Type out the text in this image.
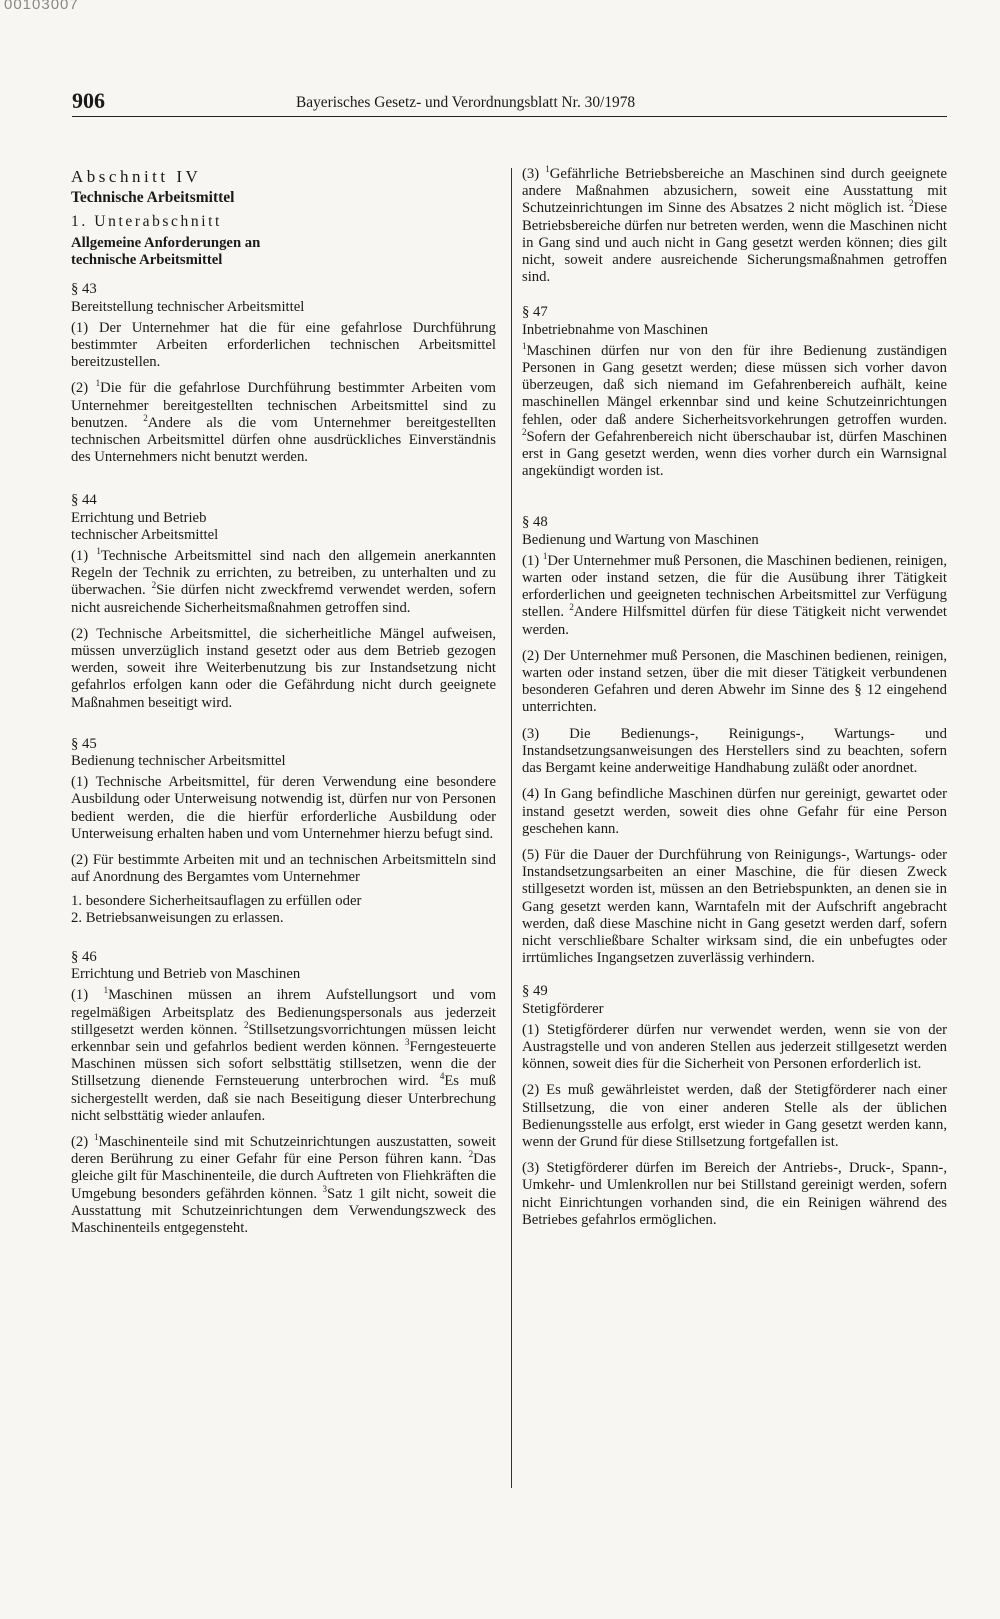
00103007
906	Bayerisches Gesetz- und Verordnungsblatt Nr. 30/1978

Abschnitt IV

Technische Arbeitsmittel

1. Unterabschnitt

Allgemeine Anforderungen an

technische Arbeitsmittel

§ 43

Bereitstellung technischer Arbeitsmittel

(1) Der Unternehmer hat die für eine gefahrlose Durchführung bestimmter Arbeiten erforderlichen technischen Arbeitsmittel bereitzustellen.

(2) $^1$Die für die gefahrlose Durchführung bestimmter Arbeiten vom Unternehmer bereitgestellten technischen Arbeitsmittel sind zu benutzen. $^2$Andere als die vom Unternehmer bereitgestellten technischen Arbeitsmittel dürfen ohne ausdrückliches Einverständnis des Unternehmers nicht benutzt werden.

§ 44

Errichtung und Betrieb

technischer Arbeitsmittel

(1) $^1$Technische Arbeitsmittel sind nach den allgemein anerkannten Regeln der Technik zu errichten, zu betreiben, zu unterhalten und zu überwachen. $^2$Sie dürfen nicht zweckfremd verwendet werden, sofern nicht ausreichende Sicherheitsmaßnahmen getroffen sind.

(2) Technische Arbeitsmittel, die sicherheitliche Mängel aufweisen, müssen unverzüglich instand gesetzt oder aus dem Betrieb gezogen werden, soweit ihre Weiterbenutzung bis zur Instandsetzung nicht gefahrlos erfolgen kann oder die Gefährdung nicht durch geeignete Maßnahmen beseitigt wird.

§ 45

Bedienung technischer Arbeitsmittel

(1) Technische Arbeitsmittel, für deren Verwendung eine besondere Ausbildung oder Unterweisung notwendig ist, dürfen nur von Personen bedient werden, die die hierfür erforderliche Ausbildung oder Unterweisung erhalten haben und vom Unternehmer hierzu befugt sind.

(2) Für bestimmte Arbeiten mit und an technischen Arbeitsmitteln sind auf Anordnung des Bergamtes vom Unternehmer

1. besondere Sicherheitsauflagen zu erfüllen oder

2. Betriebsanweisungen zu erlassen.

§ 46

Errichtung und Betrieb von Maschinen

(1) $^1$Maschinen müssen an ihrem Aufstellungsort und vom regelmäßigen Arbeitsplatz des Bedienungspersonals aus jederzeit stillgesetzt werden können. $^2$Stillsetzungsvorrichtungen müssen leicht erkennbar sein und gefahrlos bedient werden können. $^3$Ferngesteuerte Maschinen müssen sich sofort selbsttätig stillsetzen, wenn die der Stillsetzung dienende Fernsteuerung unterbrochen wird. $^4$Es muß sichergestellt werden, daß sie nach Beseitigung dieser Unterbrechung nicht selbsttätig wieder anlaufen.

(2) $^1$Maschinenteile sind mit Schutzeinrichtungen auszustatten, soweit deren Berührung zu einer Gefahr für eine Person führen kann. $^2$Das gleiche gilt für Maschinenteile, die durch Auftreten von Fliehkräften die Umgebung besonders gefährden können. $^3$Satz 1 gilt nicht, soweit die Ausstattung mit Schutzeinrichtungen dem Verwendungszweck des Maschinenteils entgegensteht.

(3) $^1$Gefährliche Betriebsbereiche an Maschinen sind durch geeignete andere Maßnahmen abzusichern, soweit eine Ausstattung mit Schutzeinrichtungen im Sinne des Absatzes 2 nicht möglich ist. $^2$Diese Betriebsbereiche dürfen nur betreten werden, wenn die Maschinen nicht in Gang sind und auch nicht in Gang gesetzt werden können; dies gilt nicht, soweit andere ausreichende Sicherungsmaßnahmen getroffen sind.

§ 47

Inbetriebnahme von Maschinen

$^1$Maschinen dürfen nur von den für ihre Bedienung zuständigen Personen in Gang gesetzt werden; diese müssen sich vorher davon überzeugen, daß sich niemand im Gefahrenbereich aufhält, keine maschinellen Mängel erkennbar sind und keine Schutzeinrichtungen fehlen, oder daß andere Sicherheitsvorkehrungen getroffen wurden. $^2$Sofern der Gefahrenbereich nicht überschaubar ist, dürfen Maschinen erst in Gang gesetzt werden, wenn dies vorher durch ein Warnsignal angekündigt worden ist.

§ 48

Bedienung und Wartung von Maschinen

(1) $^1$Der Unternehmer muß Personen, die Maschinen bedienen, reinigen, warten oder instand setzen, die für die Ausübung ihrer Tätigkeit erforderlichen und geeigneten technischen Arbeitsmittel zur Verfügung stellen. $^2$Andere Hilfsmittel dürfen für diese Tätigkeit nicht verwendet werden.

(2) Der Unternehmer muß Personen, die Maschinen bedienen, reinigen, warten oder instand setzen, über die mit dieser Tätigkeit verbundenen besonderen Gefahren und deren Abwehr im Sinne des § 12 eingehend unterrichten.

(3) Die Bedienungs-, Reinigungs-, Wartungs- und Instandsetzungsanweisungen des Herstellers sind zu beachten, sofern das Bergamt keine anderweitige Handhabung zuläßt oder anordnet.

(4) In Gang befindliche Maschinen dürfen nur gereinigt, gewartet oder instand gesetzt werden, soweit dies ohne Gefahr für eine Person geschehen kann.

(5) Für die Dauer der Durchführung von Reinigungs-, Wartungs- oder Instandsetzungsarbeiten an einer Maschine, die für diesen Zweck stillgesetzt worden ist, müssen an den Betriebspunkten, an denen sie in Gang gesetzt werden kann, Warntafeln mit der Aufschrift angebracht werden, daß diese Maschine nicht in Gang gesetzt werden darf, sofern nicht verschließbare Schalter wirksam sind, die ein unbefugtes oder irrtümliches Ingangsetzen zuverlässig verhindern.

§ 49

Stetigförderer

(1) Stetigförderer dürfen nur verwendet werden, wenn sie von der Austragstelle und von anderen Stellen aus jederzeit stillgesetzt werden können, soweit dies für die Sicherheit von Personen erforderlich ist.

(2) Es muß gewährleistet werden, daß der Stetigförderer nach einer Stillsetzung, die von einer anderen Stelle als der üblichen Bedienungsstelle aus erfolgt, erst wieder in Gang gesetzt werden kann, wenn der Grund für diese Stillsetzung fortgefallen ist.

(3) Stetigförderer dürfen im Bereich der Antriebs-, Druck-, Spann-, Umkehr- und Umlenkrollen nur bei Stillstand gereinigt werden, sofern nicht Einrichtungen vorhanden sind, die ein Reinigen während des Betriebes gefahrlos ermöglichen.
